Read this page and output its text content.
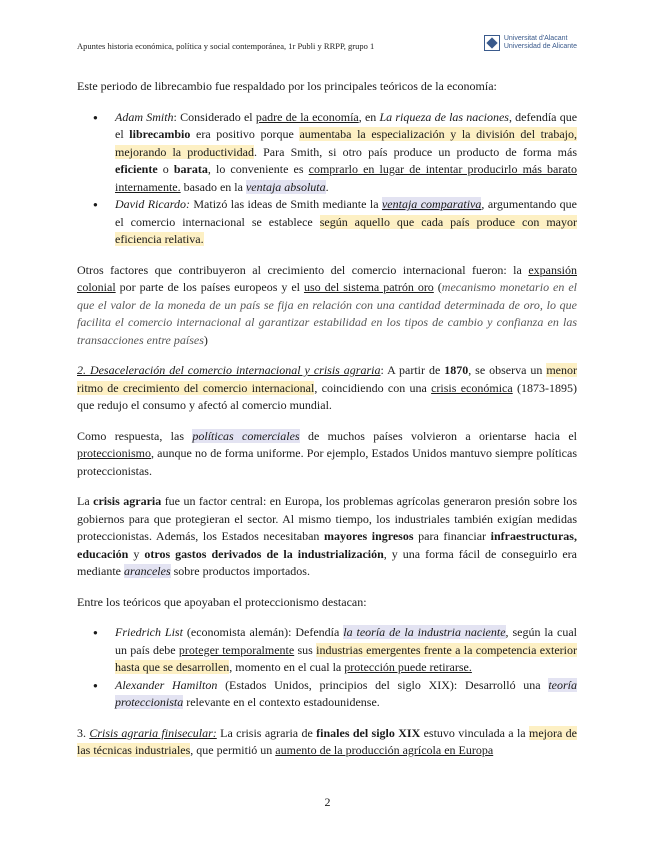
Apuntes historia económica, política y social contemporánea, 1r Publi y RRPP, grupo 1
Universitat d'Alacant
Universidad de Alicante

Este periodo de librecambio fue respaldado por los principales teóricos de la economía:

● Adam Smith: Considerado el padre de la economía, en La riqueza de las naciones, defendía que el librecambio era positivo porque aumentaba la especialización y la división del trabajo, mejorando la productividad. Para Smith, si otro país produce un producto de forma más eficiente o barata, lo conveniente es comprarlo en lugar de intentar producirlo más barato internamente. basado en la ventaja absoluta.
● David Ricardo: Matizó las ideas de Smith mediante la ventaja comparativa, argumentando que el comercio internacional se establece según aquello que cada país produce con mayor eficiencia relativa.

Otros factores que contribuyeron al crecimiento del comercio internacional fueron: la expansión colonial por parte de los países europeos y el uso del sistema patrón oro (mecanismo monetario en el que el valor de la moneda de un país se fija en relación con una cantidad determinada de oro, lo que facilita el comercio internacional al garantizar estabilidad en los tipos de cambio y confianza en las transacciones entre países)

2. Desaceleración del comercio internacional y crisis agraria: A partir de 1870, se observa un menor ritmo de crecimiento del comercio internacional, coincidiendo con una crisis económica (1873-1895) que redujo el consumo y afectó al comercio mundial.

Como respuesta, las políticas comerciales de muchos países volvieron a orientarse hacia el proteccionismo, aunque no de forma uniforme. Por ejemplo, Estados Unidos mantuvo siempre políticas proteccionistas.

La crisis agraria fue un factor central: en Europa, los problemas agrícolas generaron presión sobre los gobiernos para que protegieran el sector. Al mismo tiempo, los industriales también exigían medidas proteccionistas. Además, los Estados necesitaban mayores ingresos para financiar infraestructuras, educación y otros gastos derivados de la industrialización, y una forma fácil de conseguirlo era mediante aranceles sobre productos importados.

Entre los teóricos que apoyaban el proteccionismo destacan:

● Friedrich List (economista alemán): Defendía la teoría de la industria naciente, según la cual un país debe proteger temporalmente sus industrias emergentes frente a la competencia exterior hasta que se desarrollen, momento en el cual la protección puede retirarse.
● Alexander Hamilton (Estados Unidos, principios del siglo XIX): Desarrolló una teoría proteccionista relevante en el contexto estadounidense.

3. Crisis agraria finisecular: La crisis agraria de finales del siglo XIX estuvo vinculada a la mejora de las técnicas industriales, que permitió un aumento de la producción agrícola en Europa

2
